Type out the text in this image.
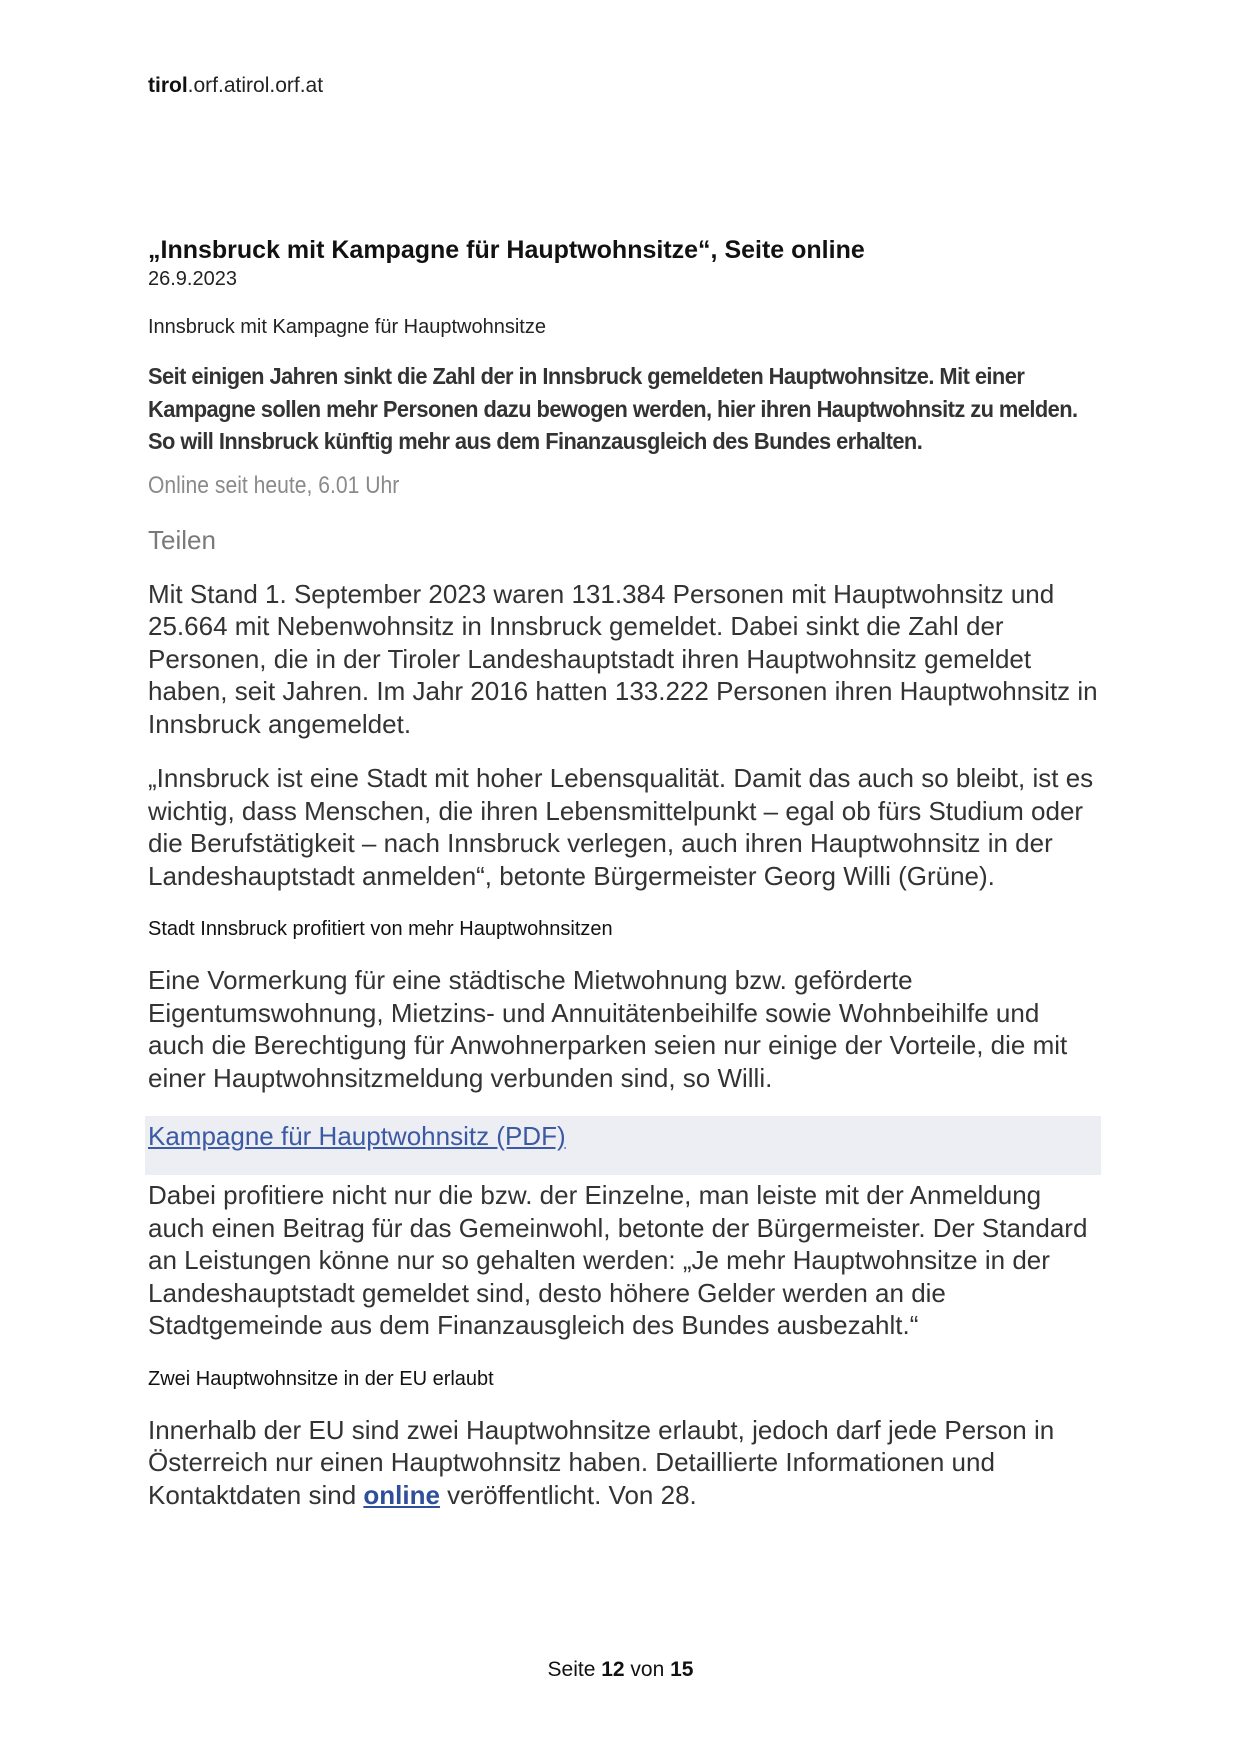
tirol.orf.atirol.orf.at

„Innsbruck mit Kampagne für Hauptwohnsitze“, Seite online

26.9.2023

Innsbruck mit Kampagne für Hauptwohnsitze

Seit einigen Jahren sinkt die Zahl der in Innsbruck gemeldeten Hauptwohnsitze. Mit einer Kampagne sollen mehr Personen dazu bewogen werden, hier ihren Hauptwohnsitz zu melden. So will Innsbruck künftig mehr aus dem Finanzausgleich des Bundes erhalten.

Online seit heute, 6.01 Uhr

Teilen

Mit Stand 1. September 2023 waren 131.384 Personen mit Hauptwohnsitz und 25.664 mit Nebenwohnsitz in Innsbruck gemeldet. Dabei sinkt die Zahl der Personen, die in der Tiroler Landeshauptstadt ihren Hauptwohnsitz gemeldet haben, seit Jahren. Im Jahr 2016 hatten 133.222 Personen ihren Hauptwohnsitz in Innsbruck angemeldet.

„Innsbruck ist eine Stadt mit hoher Lebensqualität. Damit das auch so bleibt, ist es wichtig, dass Menschen, die ihren Lebensmittelpunkt – egal ob fürs Studium oder die Berufstätigkeit – nach Innsbruck verlegen, auch ihren Hauptwohnsitz in der Landeshauptstadt anmelden“, betonte Bürgermeister Georg Willi (Grüne).

Stadt Innsbruck profitiert von mehr Hauptwohnsitzen

Eine Vormerkung für eine städtische Mietwohnung bzw. geförderte Eigentumswohnung, Mietzins- und Annuitätenbeihilfe sowie Wohnbeihilfe und auch die Berechtigung für Anwohnerparken seien nur einige der Vorteile, die mit einer Hauptwohnsitzmeldung verbunden sind, so Willi.

Kampagne für Hauptwohnsitz (PDF)

Dabei profitiere nicht nur die bzw. der Einzelne, man leiste mit der Anmeldung auch einen Beitrag für das Gemeinwohl, betonte der Bürgermeister. Der Standard an Leistungen könne nur so gehalten werden: „Je mehr Hauptwohnsitze in der Landeshauptstadt gemeldet sind, desto höhere Gelder werden an die Stadtgemeinde aus dem Finanzausgleich des Bundes ausbezahlt.“

Zwei Hauptwohnsitze in der EU erlaubt

Innerhalb der EU sind zwei Hauptwohnsitze erlaubt, jedoch darf jede Person in Österreich nur einen Hauptwohnsitz haben. Detaillierte Informationen und Kontaktdaten sind online veröffentlicht. Von 28.

Seite 12 von 15
